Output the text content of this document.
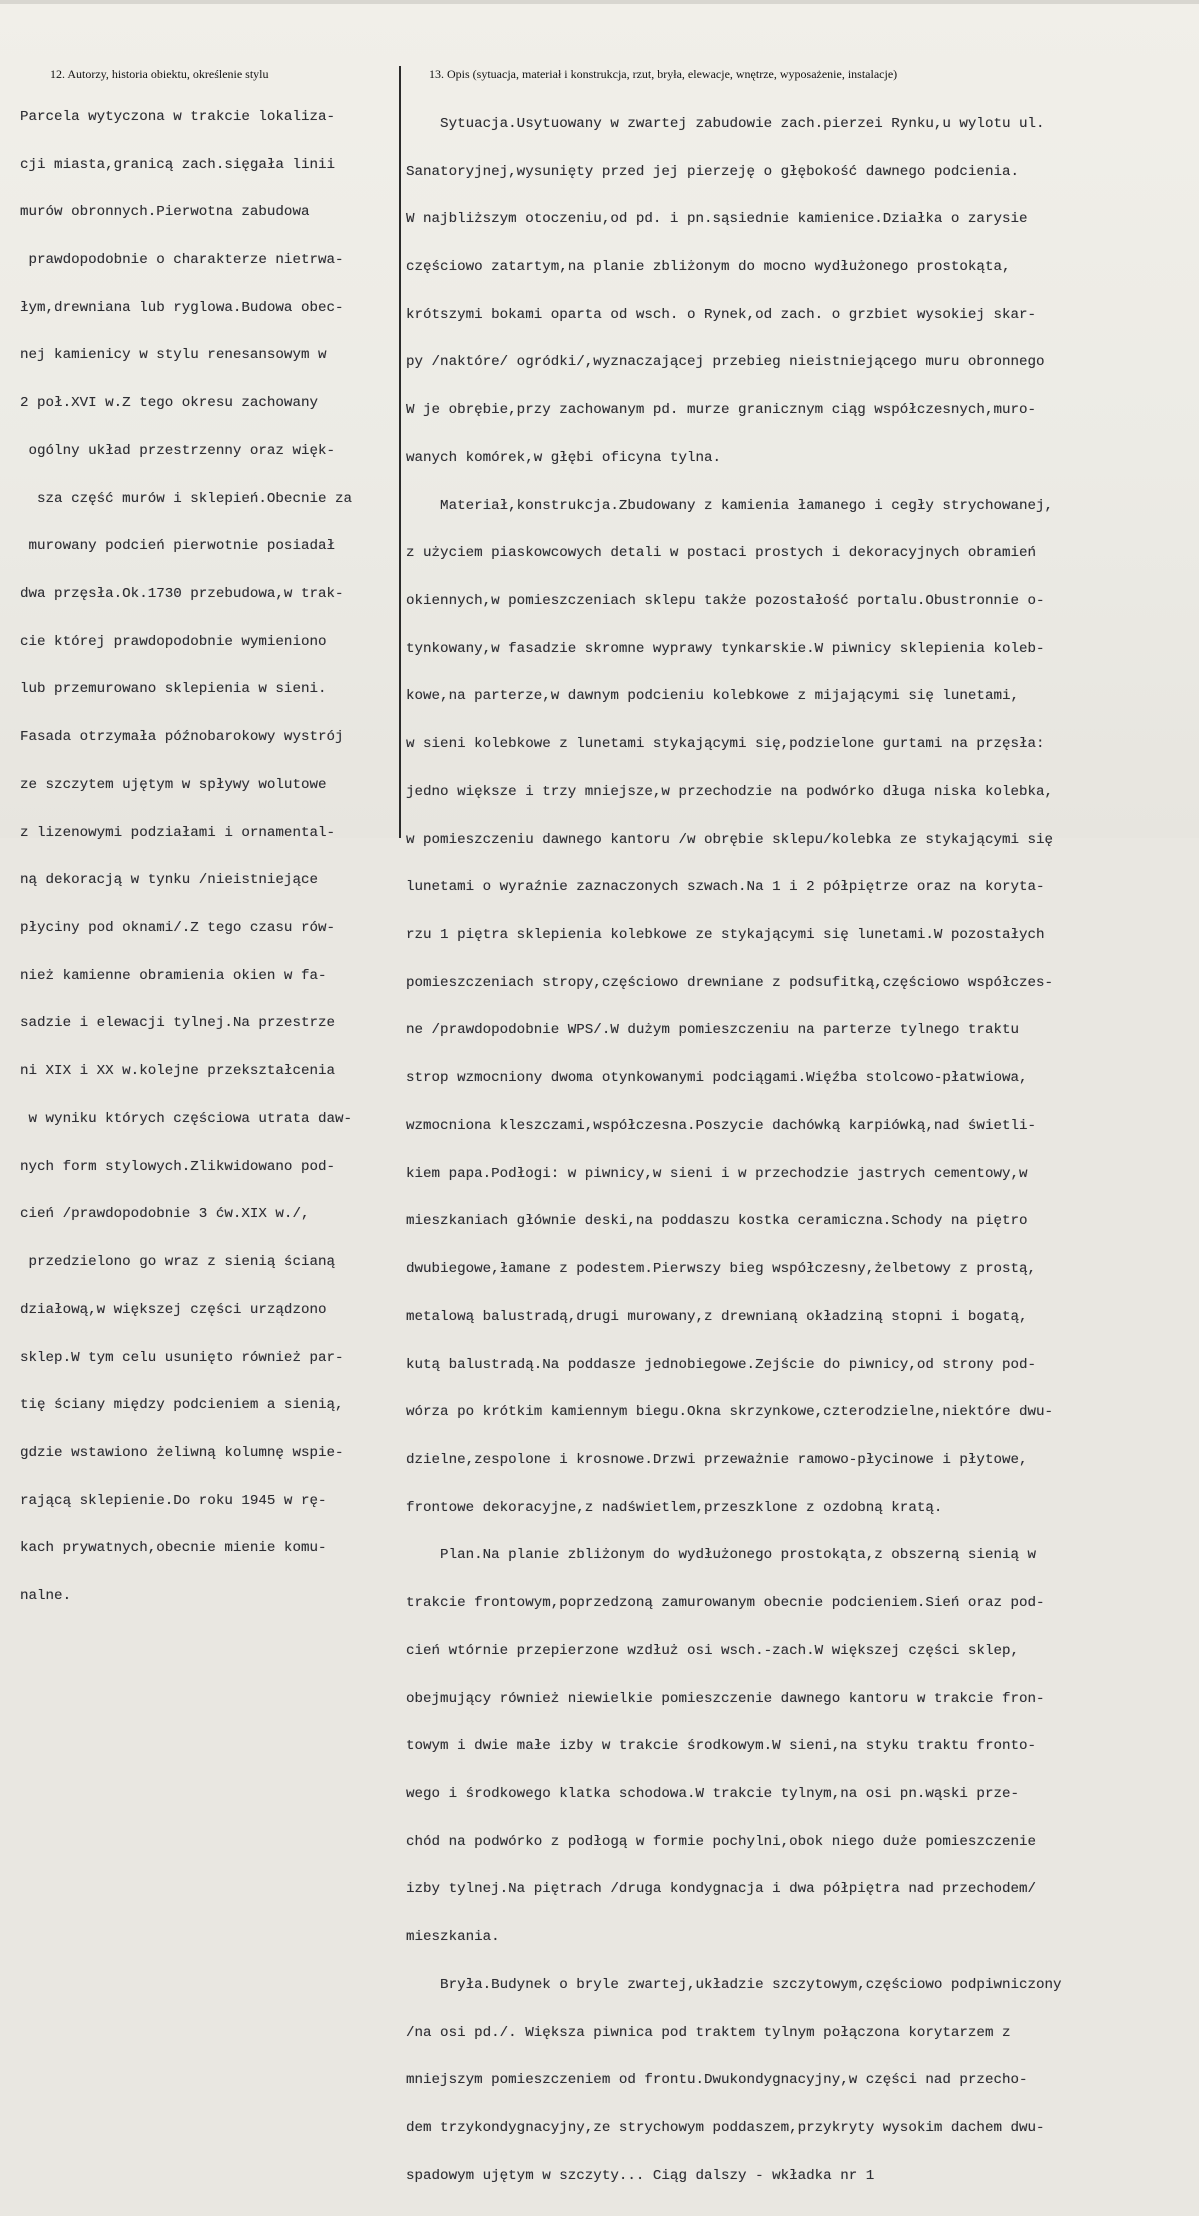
12. Autorzy, historia obiektu, określenie stylu	13. Opis (sytuacja, materiał i konstrukcja, rzut, bryła, elewacje, wnętrze, wyposażenie, instalacje)

Parcela wytyczona w trakcie lokaliza-

cji miasta,granicą zach.sięgała linii

murów obronnych.Pierwotna zabudowa

prawdopodobnie o charakterze nietrwa-

łym,drewniana lub ryglowa.Budowa obec-

nej kamienicy w stylu renesansowym w

2 poł.XVI w.Z tego okresu zachowany

ogólny układ przestrzenny oraz więk-

sza część murów i sklepień.Obecnie za

murowany podcień pierwotnie posiadał

dwa przęsła.Ok.1730 przebudowa,w trak-

cie której prawdopodobnie wymieniono

lub przemurowano sklepienia w sieni.

Fasada otrzymała późnobarokowy wystrój

ze szczytem ujętym w spływy wolutowe

z lizenowymi podziałami i ornamental-

ną dekoracją w tynku /nieistniejące

płyciny pod oknami/.Z tego czasu rów-

nież kamienne obramienia okien w fa-

sadzie i elewacji tylnej.Na przestrze

ni XIX i XX w.kolejne przekształcenia

w wyniku których częściowa utrata daw-

nych form stylowych.Zlikwidowano pod-

cień /prawdopodobnie 3 ćw.XIX w./,

przedzielono go wraz z sienią ścianą

działową,w większej części urządzono

sklep.W tym celu usunięto również par-

tię ściany między podcieniem a sienią,

gdzie wstawiono żeliwną kolumnę wspie-

rającą sklepienie.Do roku 1945 w rę-

kach prywatnych,obecnie mienie komu-

nalne.

Sytuacja.Usytuowany w zwartej zabudowie zach.pierzei Rynku,u wylotu ul.

Sanatoryjnej,wysunięty przed jej pierzeję o głębokość dawnego podcienia.

W najbliższym otoczeniu,od pd. i pn.sąsiednie kamienice.Działka o zarysie

częściowo zatartym,na planie zbliżonym do mocno wydłużonego prostokąta,

krótszymi bokami oparta od wsch. o Rynek,od zach. o grzbiet wysokiej skar-

py /naktóre/ ogródki/,wyznaczającej przebieg nieistniejącego muru obronnego

W je obrębie,przy zachowanym pd. murze granicznym ciąg współczesnych,muro-

wanych komórek,w głębi oficyna tylna.

Materiał,konstrukcja.Zbudowany z kamienia łamanego i cegły strychowanej,

z użyciem piaskowcowych detali w postaci prostych i dekoracyjnych obramień

okiennych,w pomieszczeniach sklepu także pozostałość portalu.Obustronnie o-

tynkowany,w fasadzie skromne wyprawy tynkarskie.W piwnicy sklepienia koleb-

kowe,na parterze,w dawnym podcieniu kolebkowe z mijającymi się lunetami,

w sieni kolebkowe z lunetami stykającymi się,podzielone gurtami na przęsła:

jedno większe i trzy mniejsze,w przechodzie na podwórko długa niska kolebka,

w pomieszczeniu dawnego kantoru /w obrębie sklepu/kolebka ze stykającymi się

lunetami o wyraźnie zaznaczonych szwach.Na 1 i 2 półpiętrze oraz na koryta-

rzu 1 piętra sklepienia kolebkowe ze stykającymi się lunetami.W pozostałych

pomieszczeniach stropy,częściowo drewniane z podsufitką,częściowo współczes-

ne /prawdopodobnie WPS/.W dużym pomieszczeniu na parterze tylnego traktu

strop wzmocniony dwoma otynkowanymi podciągami.Więźba stolcowo-płatwiowa,

wzmocniona kleszczami,współczesna.Poszycie dachówką karpiówką,nad świetli-

kiem papa.Podłogi: w piwnicy,w sieni i w przechodzie jastrych cementowy,w

mieszkaniach głównie deski,na poddaszu kostka ceramiczna.Schody na piętro

dwubiegowe,łamane z podestem.Pierwszy bieg współczesny,żelbetowy z prostą,

metalową balustradą,drugi murowany,z drewnianą okładziną stopni i bogatą,

kutą balustradą.Na poddasze jednobiegowe.Zejście do piwnicy,od strony pod-

wórza po krótkim kamiennym biegu.Okna skrzynkowe,czterodzielne,niektóre dwu-

dzielne,zespolone i krosnowe.Drzwi przeważnie ramowo-płycinowe i płytowe,

frontowe dekoracyjne,z nadświetlem,przeszklone z ozdobną kratą.

Plan.Na planie zbliżonym do wydłużonego prostokąta,z obszerną sienią w

trakcie frontowym,poprzedzoną zamurowanym obecnie podcieniem.Sień oraz pod-

cień wtórnie przepierzone wzdłuż osi wsch.-zach.W większej części sklep,

obejmujący również niewielkie pomieszczenie dawnego kantoru w trakcie fron-

towym i dwie małe izby w trakcie środkowym.W sieni,na styku traktu fronto-

wego i środkowego klatka schodowa.W trakcie tylnym,na osi pn.wąski prze-

chód na podwórko z podłogą w formie pochylni,obok niego duże pomieszczenie

izby tylnej.Na piętrach /druga kondygnacja i dwa półpiętra nad przechodem/

mieszkania.

Bryła.Budynek o bryle zwartej,układzie szczytowym,częściowo podpiwniczony

/na osi pd./. Większa piwnica pod traktem tylnym połączona korytarzem z

mniejszym pomieszczeniem od frontu.Dwukondygnacyjny,w części nad przecho-

dem trzykondygnacyjny,ze strychowym poddaszem,przykryty wysokim dachem dwu-

spadowym ujętym w szczyty... Ciąg dalszy - wkładka nr 1
